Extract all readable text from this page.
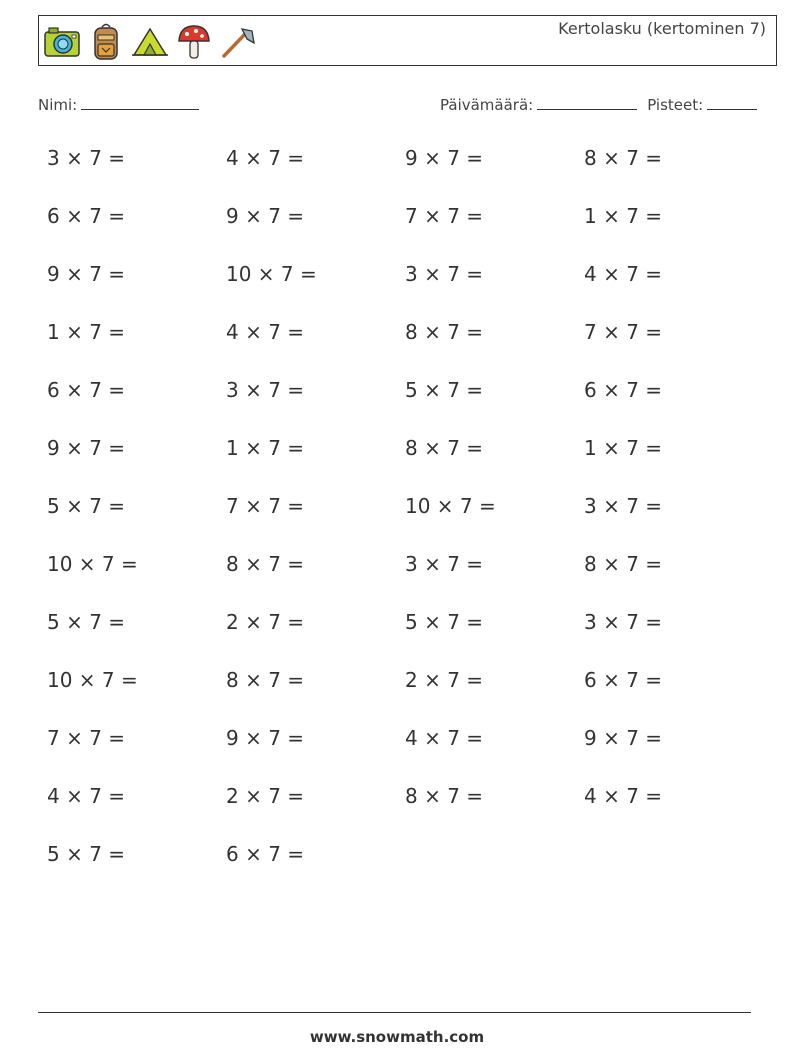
Kertolasku (kertominen 7)
Nimi:	Päivämäärä:	Pisteet:
3 × 7 =	4 × 7 =	9 × 7 =	8 × 7 =
6 × 7 =	9 × 7 =	7 × 7 =	1 × 7 =
9 × 7 =	10 × 7 =	3 × 7 =	4 × 7 =
1 × 7 =	4 × 7 =	8 × 7 =	7 × 7 =
6 × 7 =	3 × 7 =	5 × 7 =	6 × 7 =
9 × 7 =	1 × 7 =	8 × 7 =	1 × 7 =
5 × 7 =	7 × 7 =	10 × 7 =	3 × 7 =
10 × 7 =	8 × 7 =	3 × 7 =	8 × 7 =
5 × 7 =	2 × 7 =	5 × 7 =	3 × 7 =
10 × 7 =	8 × 7 =	2 × 7 =	6 × 7 =
7 × 7 =	9 × 7 =	4 × 7 =	9 × 7 =
4 × 7 =	2 × 7 =	8 × 7 =	4 × 7 =
5 × 7 =	6 × 7 =
www.snowmath.com
